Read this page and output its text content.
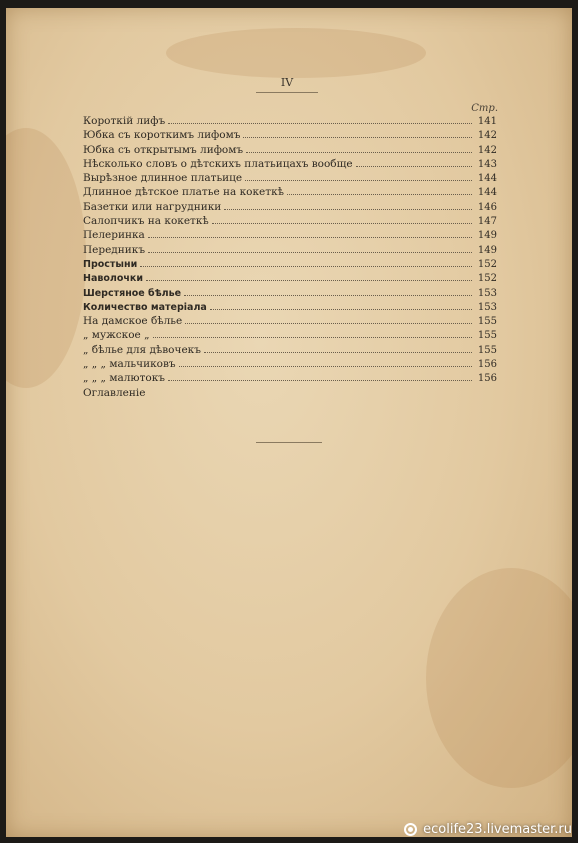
IV
Стр.
Короткій лифъ	141
Юбка съ короткимъ лифомъ	142
Юбка съ открытымъ лифомъ	142
Нѣсколько словъ о дѣтскихъ платьицахъ вообще	143
Вырѣзное длинное платьице	144
Длинное дѣтское платье на кокеткѣ	144
Базетки или нагрудники	146
Салопчикъ на кокеткѣ	147
Пелеринка	149
Передникъ	149
Простыни	152
Наволочки	152
Шерстяное бѣлье	153
Количество матеріала	153
На дамское бѣлье	155
„ мужское „	155
„ бѣлье для дѣвочекъ	155
„ „ „ мальчиковъ	156
„ „ „ малютокъ	156
Оглавленіе
ecolife23.livemaster.ru
